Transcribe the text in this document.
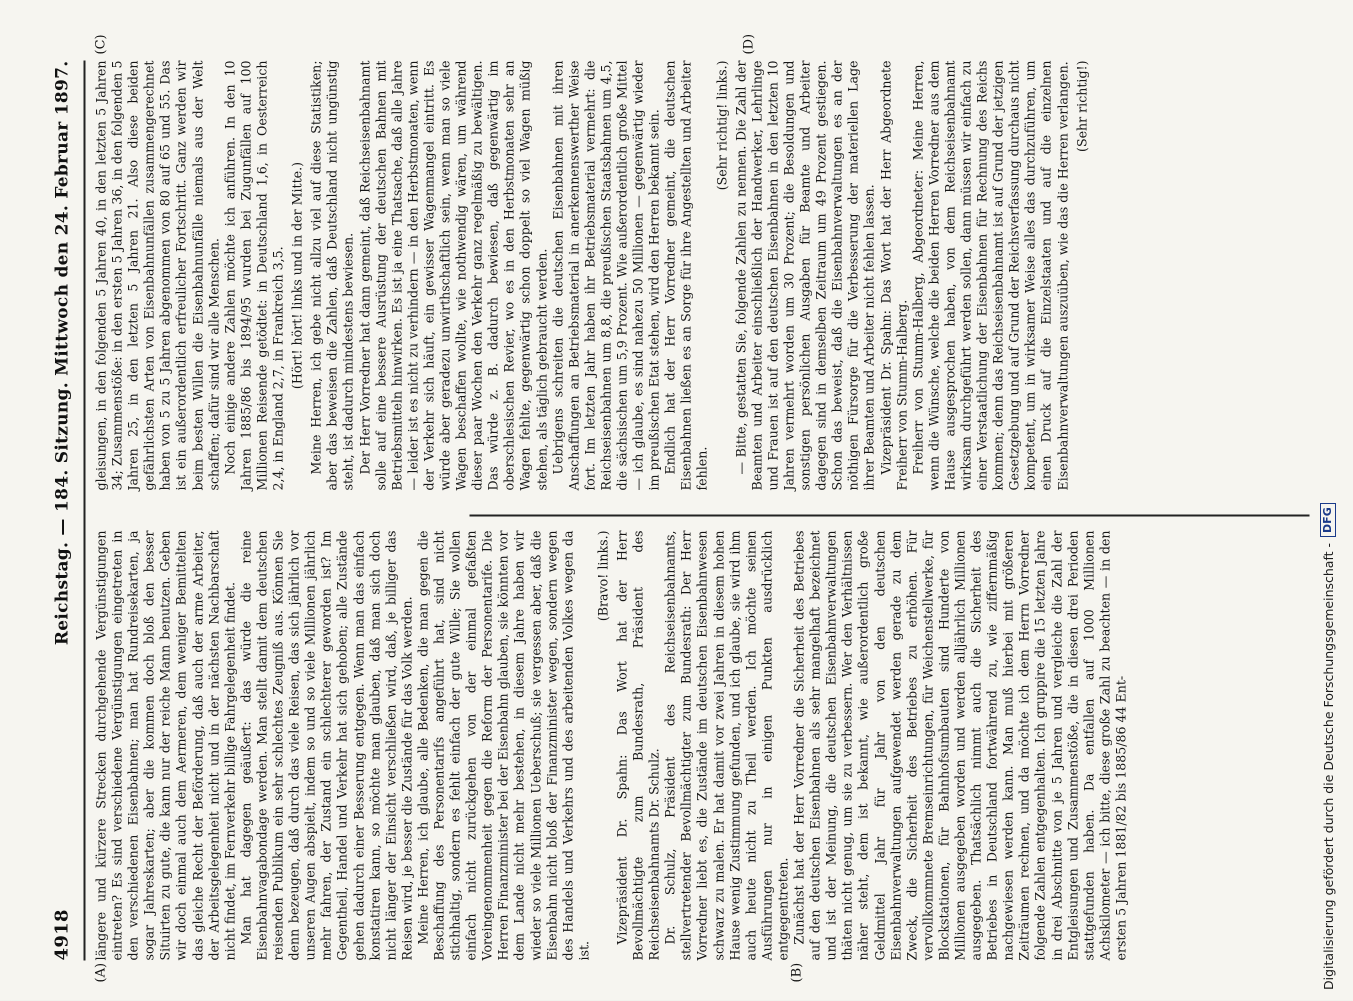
4918
Reichstag. — 184. Sitzung. Mittwoch den 24. Februar 1897.
(A)	(B)
(C)	(D)

längere und kürzere Strecken durchgehende Vergünstigungen eintreten? Es sind verschiedene Vergünstigungen eingetreten in den verschiedenen Eisenbahnen; man hat Rundreisekarten, ja sogar Jahreskarten; aber die kommen doch bloß den besser Situirten zu gute, die kann nur der reiche Mann benutzen. Geben wir doch einmal auch dem Aermeren, dem weniger Bemittelten das gleiche Recht der Beförderung, daß auch der arme Arbeiter, der Arbeitsgelegenheit nicht und in der nächsten Nachbarschaft nicht findet, im Fernverkehr billige Fahrgelegenheit findet. Man hat dagegen geäußert: das würde die reine Eisenbahnvagabondage werden. Man stellt damit dem deutschen reisenden Publikum ein sehr schlechtes Zeugniß aus. Können Sie denn bezeugen, daß durch das viele Reisen, das sich jährlich vor unseren Augen abspielt, indem so und so viele Millionen jährlich mehr fahren, der Zustand ein schlechterer geworden ist? Im Gegentheil, Handel und Verkehr hat sich gehoben; alle Zustände gehen dadurch einer Besserung entgegen. Wenn man das einfach konstatiren kann, so möchte man glauben, daß man sich doch nicht länger der Einsicht verschließen wird, daß, je billiger das Reisen wird, je besser die Zustände für das Volk werden. Meine Herren, ich glaube, alle Bedenken, die man gegen die Beschaffung des Personentarifs angeführt hat, sind nicht stichhaltig, sondern es fehlt einfach der gute Wille; Sie wollen einfach nicht zurückgehen von der einmal gefaßten Voreingenommenheit gegen die Reform der Personentarife. Die Herren Finanzminister bei der Eisenbahn glauben, sie könnten vor dem Lande nicht mehr bestehen, in diesem Jahre haben wir wieder so viele Millionen Ueberschuß; sie vergessen aber, daß die Eisenbahn nicht bloß der Finanzminister wegen, sondern wegen des Handels und Verkehrs und des arbeitenden Volkes wegen da ist.

(Bravo! links.) Vizepräsident Dr. Spahn: Das Wort hat der Herr Bevollmächtigte zum Bundesrath, Präsident des Reichseisenbahnamts Dr. Schulz. Dr. Schulz, Präsident des Reichseisenbahnamts, stellvertretender Bevollmächtigter zum Bundesrath: Der Herr Vorredner liebt es, die Zustände im deutschen Eisenbahnwesen schwarz zu malen. Er hat damit vor zwei Jahren in diesem hohen Hause wenig Zustimmung gefunden, und ich glaube, sie wird ihm auch heute nicht zu Theil werden. Ich möchte seinen Ausführungen nur in einigen Punkten ausdrücklich entgegentreten. Zunächst hat der Herr Vorredner die Sicherheit des Betriebes auf den deutschen Eisenbahnen als sehr mangelhaft bezeichnet und ist der Meinung, die deutschen Eisenbahnverwaltungen thäten nicht genug, um sie zu verbessern. Wer den Verhältnissen näher steht, dem ist bekannt, wie außerordentlich große Geldmittel Jahr für Jahr von den deutschen Eisenbahnverwaltungen aufgewendet werden gerade zu dem Zweck, die Sicherheit des Betriebes zu erhöhen. Für vervollkommnete Bremseinrichtungen, für Weichenstellwerke, für Blockstationen, für Bahnhofsumbauten sind Hunderte von Millionen ausgegeben worden und werden alljährlich Millionen ausgegeben. Thatsächlich nimmt auch die Sicherheit des Betriebes in Deutschland fortwährend zu, wie ziffernmäßig nachgewiesen werden kann. Man muß hierbei mit größeren Zeiträumen rechnen, und da möchte ich dem Herrn Vorredner folgende Zahlen entgegenhalten. Ich gruppire die 15 letzten Jahre in drei Abschnitte von je 5 Jahren und vergleiche die Zahl der Entgleisungen und Zusammenstöße, die in diesen drei Perioden stattgefunden haben. Da entfallen auf 1000 Millionen Achskilometer — ich bitte, diese große Zahl zu beachten — in den ersten 5 Jahren 1881/82 bis 1885/86 44 Ent-

gleisungen, in den folgenden 5 Jahren 40, in den letzten 5 Jahren 34; Zusammenstöße: in den ersten 5 Jahren 36, in den folgenden 5 Jahren 25, in den letzten 5 Jahren 21. Also diese beiden gefährlichsten Arten von Eisenbahnunfällen zusammengerechnet haben von 5 zu 5 Jahren abgenommen von 80 auf 65 und 55. Das ist ein außerordentlich erfreulicher Fortschritt. Ganz werden wir beim besten Willen die Eisenbahnunfälle niemals aus der Welt schaffen; dafür sind wir alle Menschen. Noch einige andere Zahlen möchte ich anführen. In den 10 Jahren 1885/86 bis 1894/95 wurden bei Zugunfällen auf 100 Millionen Reisende getödtet: in Deutschland 1,6, in Oesterreich 2,4, in England 2,7, in Frankreich 3,5. (Hört! hört! links und in der Mitte.) Meine Herren, ich gebe nicht allzu viel auf diese Statistiken; aber das beweisen die Zahlen, daß Deutschland nicht ungünstig steht, ist dadurch mindestens bewiesen. Der Herr Vorredner hat dann gemeint, daß Reichseisenbahnamt solle auf eine bessere Ausrüstung der deutschen Bahnen mit Betriebsmitteln hinwirken. Es ist ja eine Thatsache, daß alle Jahre — leider ist es nicht zu verhindern — in den Herbstmonaten, wenn der Verkehr sich häuft, ein gewisser Wagenmangel eintritt. Es würde aber geradezu unwirthschaftlich sein, wenn man so viele Wagen beschaffen wollte, wie nothwendig wären, um während dieser paar Wochen den Verkehr ganz regelmäßig zu bewältigen. Das würde z. B. dadurch bewiesen, daß gegenwärtig im oberschlesischen Revier, wo es in den Herbstmonaten sehr an Wagen fehlte, gegenwärtig schon doppelt so viel Wagen müßig stehen, als täglich gebraucht werden. Uebrigens schreiten die deutschen Eisenbahnen mit ihren Anschaffungen an Betriebsmaterial in anerkennenswerther Weise fort. Im letzten Jahr haben ihr Betriebsmaterial vermehrt: die Reichseisenbahnen um 8,8, die preußischen Staatsbahnen um 4,5, die sächsischen um 5,9 Prozent. Wie außerordentlich große Mittel — ich glaube, es sind nahezu 50 Millionen — gegenwärtig wieder im preußischen Etat stehen, wird den Herren bekannt sein. Endlich hat der Herr Vorredner gemeint, die deutschen Eisenbahnen ließen es an Sorge für ihre Angestellten und Arbeiter fehlen.

(Sehr richtig! links.) — Bitte, gestatten Sie, folgende Zahlen zu nennen. Die Zahl der Beamten und Arbeiter einschließlich der Handwerker, Lehrlinge und Frauen ist auf den deutschen Eisenbahnen in den letzten 10 Jahren vermehrt worden um 30 Prozent; die Besoldungen und sonstigen persönlichen Ausgaben für Beamte und Arbeiter dagegen sind in demselben Zeitraum um 49 Prozent gestiegen. Schon das beweist, daß die Eisenbahnverwaltungen es an der nöthigen Fürsorge für die Verbesserung der materiellen Lage ihrer Beamten und Arbeiter nicht fehlen lassen. Vizepräsident Dr. Spahn: Das Wort hat der Herr Abgeordnete Freiherr von Stumm-Halberg. Freiherr von Stumm-Halberg, Abgeordneter: Meine Herren, wenn die Wünsche, welche die beiden Herren Vorredner aus dem Hause ausgesprochen haben, von dem Reichseisenbahnamt wirksam durchgeführt werden sollen, dann müssen wir einfach zu einer Verstaatlichung der Eisenbahnen für Rechnung des Reichs kommen; denn das Reichseisenbahnamt ist auf Grund der jetzigen Gesetzgebung und auf Grund der Reichsverfassung durchaus nicht kompetent, um in wirksamer Weise alles das durchzuführen, um einen Druck auf die Einzelstaaten und auf die einzelnen Eisenbahnverwaltungen auszuüben, wie das die Herren verlangen. (Sehr richtig!)

Digitalisierung gefördert durch die Deutsche Forschungsgemeinschaft -
DFG
